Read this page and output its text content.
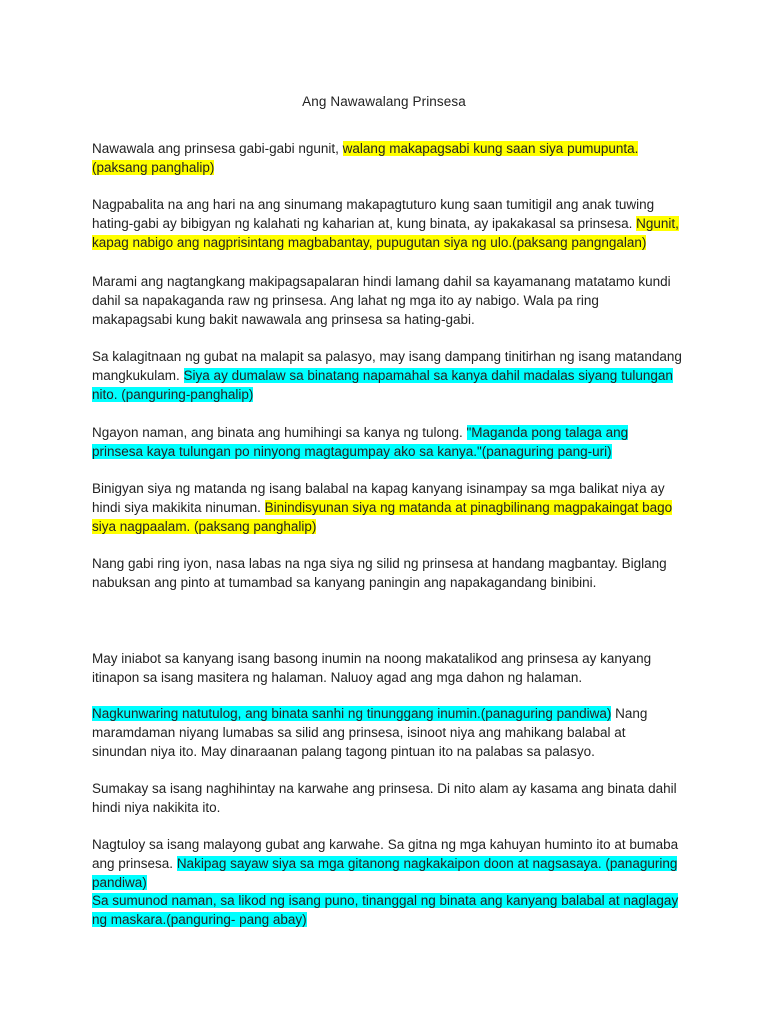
Ang Nawawalang Prinsesa

Nawawala ang prinsesa gabi-gabi ngunit, walang makapagsabi kung saan siya pumupunta. (paksang panghalip)

Nagpabalita na ang hari na ang sinumang makapagtuturo kung saan tumitigil ang anak tuwing hating-gabi ay bibigyan ng kalahati ng kaharian at, kung binata, ay ipakakasal sa prinsesa. Ngunit, kapag nabigo ang nagprisintang magbabantay, pupugutan siya ng ulo.(paksang pangngalan)

Marami ang nagtangkang makipagsapalaran hindi lamang dahil sa kayamanang matatamo kundi dahil sa napakaganda raw ng prinsesa. Ang lahat ng mga ito ay nabigo. Wala pa ring makapagsabi kung bakit nawawala ang prinsesa sa hating-gabi.

Sa kalagitnaan ng gubat na malapit sa palasyo, may isang dampang tinitirhan ng isang matandang mangkukulam. Siya ay dumalaw sa binatang napamahal sa kanya dahil madalas siyang tulungan nito. (panguring-panghalip)

Ngayon naman, ang binata ang humihingi sa kanya ng tulong. "Maganda pong talaga ang prinsesa kaya tulungan po ninyong magtagumpay ako sa kanya."(panaguring pang-uri)

Binigyan siya ng matanda ng isang balabal na kapag kanyang isinampay sa mga balikat niya ay hindi siya makikita ninuman. Binindisyunan siya ng matanda at pinagbilinang magpakaingat bago siya nagpaalam. (paksang panghalip)

Nang gabi ring iyon, nasa labas na nga siya ng silid ng prinsesa at handang magbantay. Biglang nabuksan ang pinto at tumambad sa kanyang paningin ang napakagandang binibini.

May iniabot sa kanyang isang basong inumin na noong makatalikod ang prinsesa ay kanyang itinapon sa isang masitera ng halaman. Naluoy agad ang mga dahon ng halaman.

Nagkunwaring natutulog, ang binata sanhi ng tinunggang inumin.(panaguring pandiwa) Nang maramdaman niyang lumabas sa silid ang prinsesa, isinoot niya ang mahikang balabal at sinundan niya ito. May dinaraanan palang tagong pintuan ito na palabas sa palasyo.

Sumakay sa isang naghihintay na karwahe ang prinsesa. Di nito alam ay kasama ang binata dahil hindi niya nakikita ito.

Nagtuloy sa isang malayong gubat ang karwahe. Sa gitna ng mga kahuyan huminto ito at bumaba ang prinsesa. Nakipag sayaw siya sa mga gitanong nagkakaipon doon at nagsasaya. (panaguring pandiwa)

Sa sumunod naman, sa likod ng isang puno, tinanggal ng binata ang kanyang balabal at naglagay ng maskara.(panguring- pang abay)
